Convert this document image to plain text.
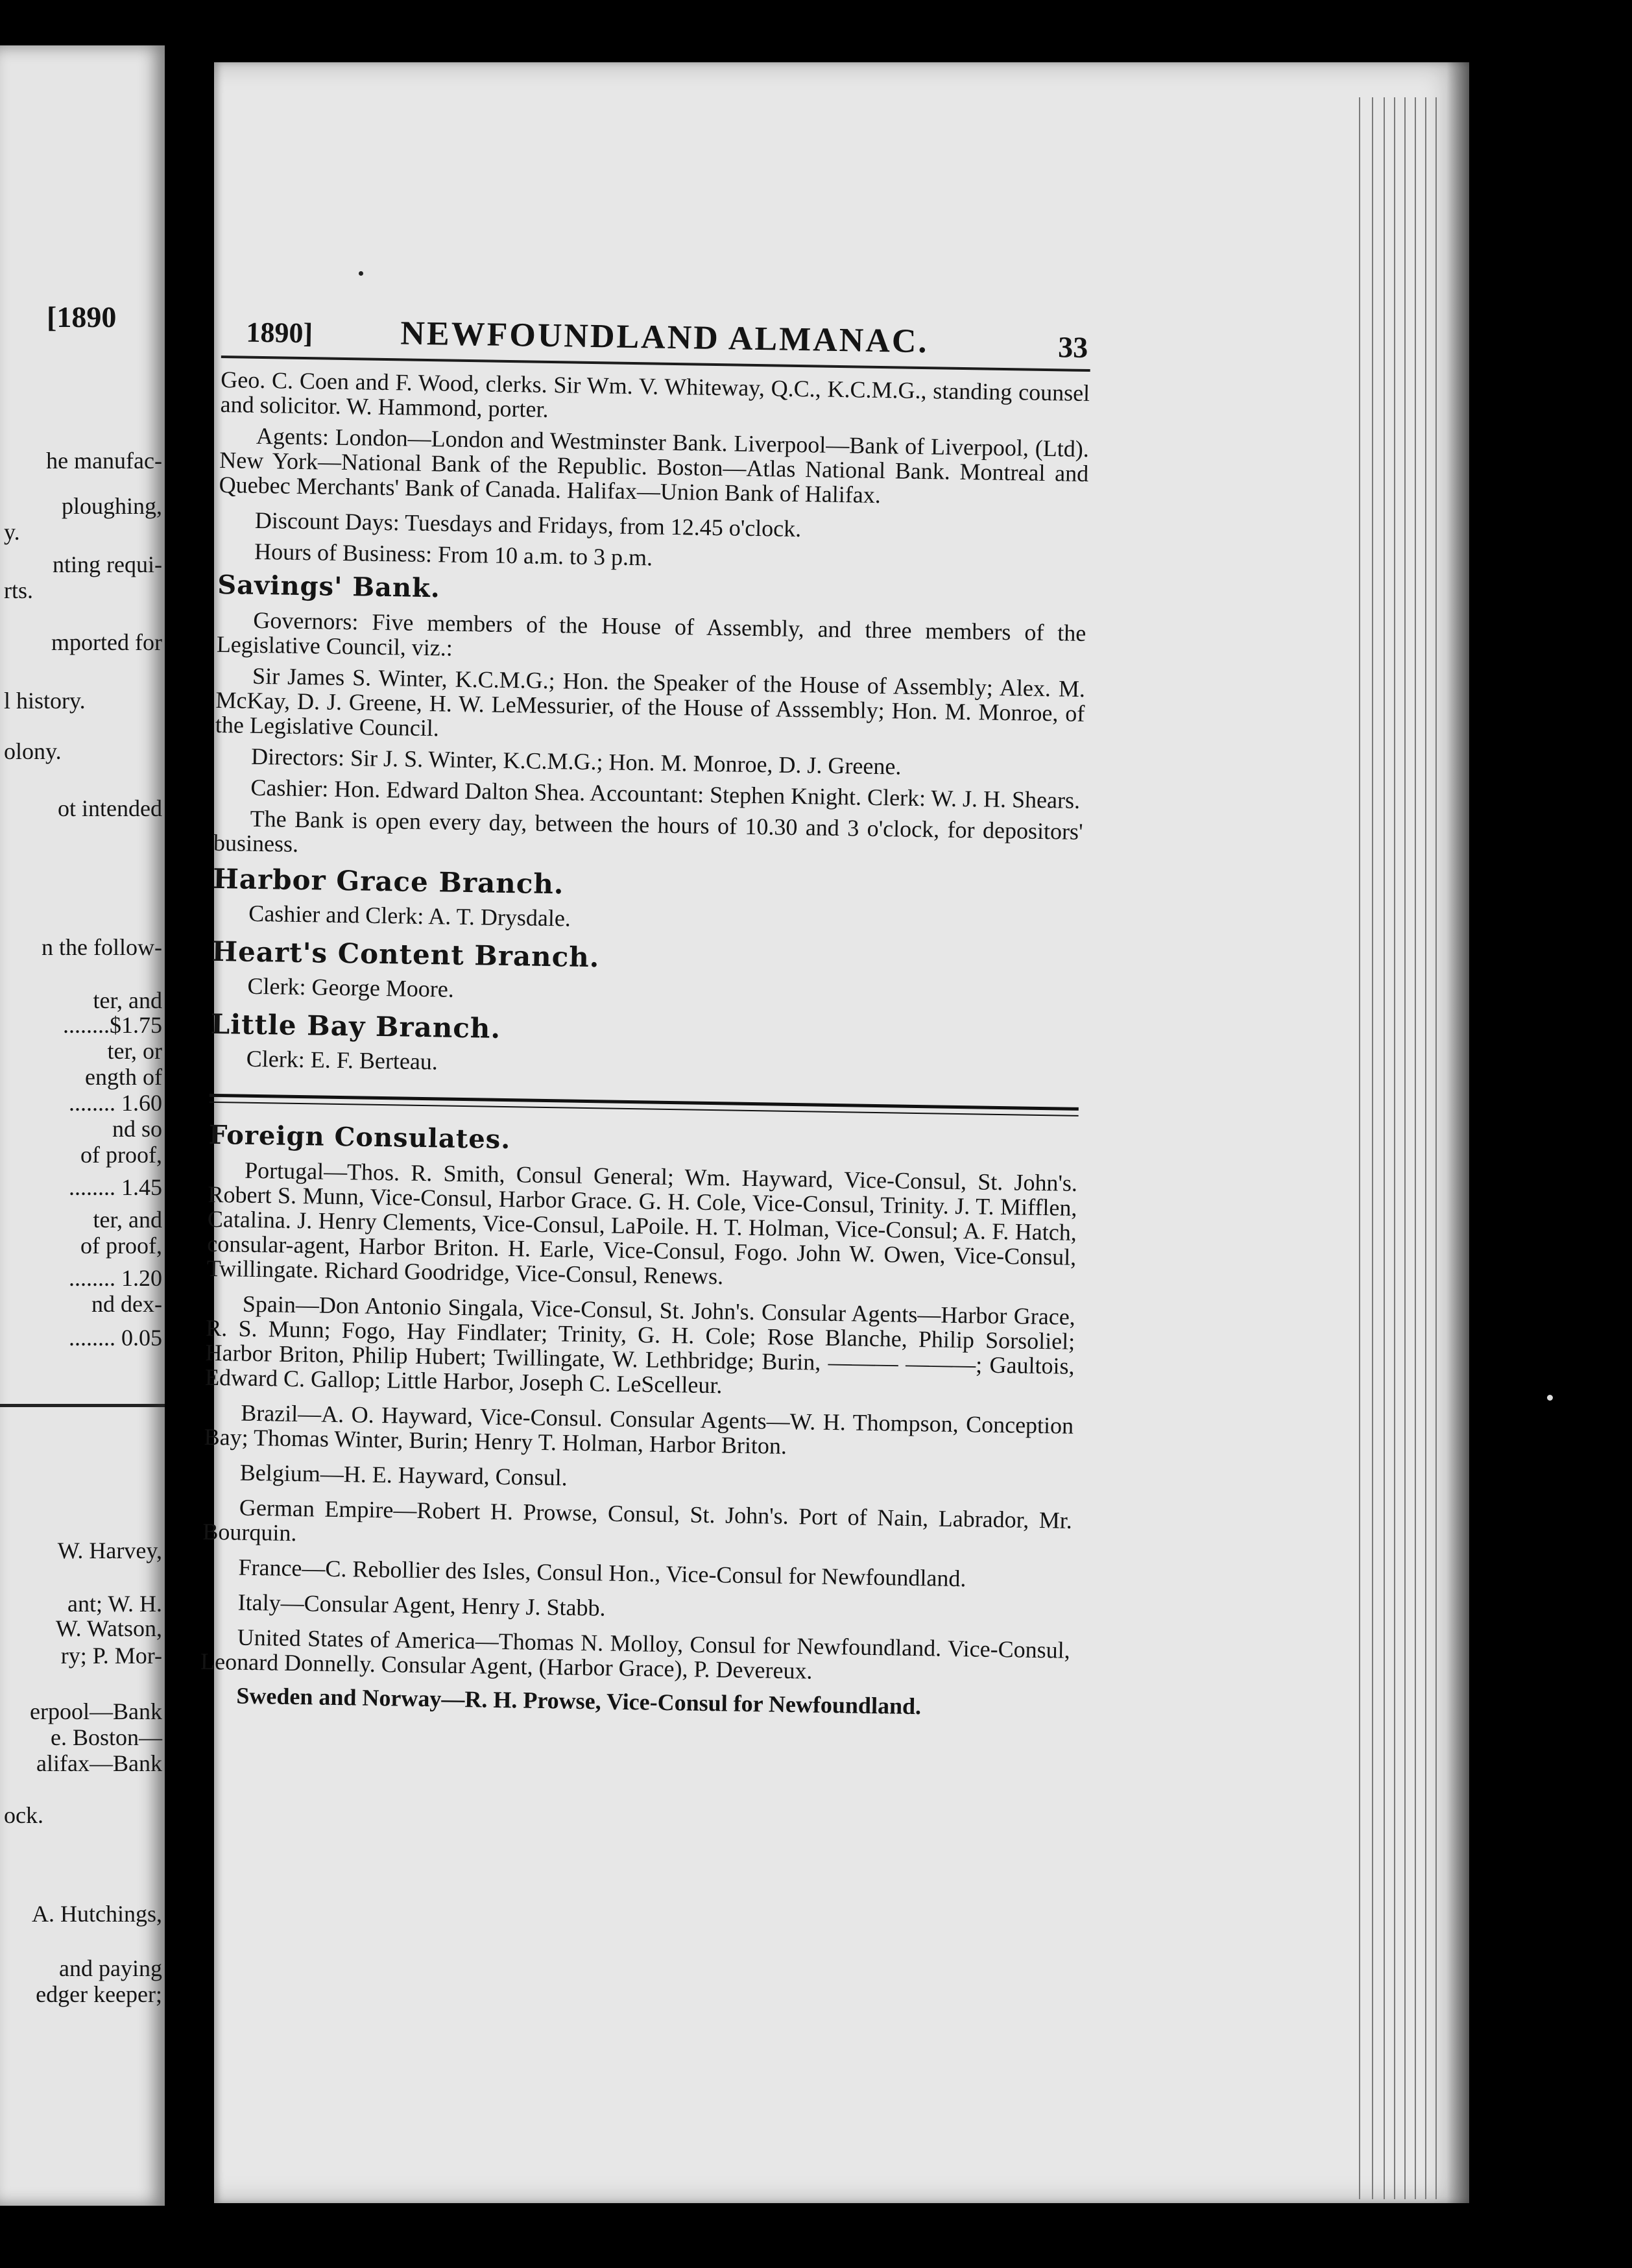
[1890
he manufac-
ploughing,
y.
nting requi-
rts.
mported for
l history.
olony.
ot intended
n the follow-
ter, and
........$1.75
ter, or
ength of
........ 1.60
nd so
of proof,
........ 1.45
ter, and
of proof,
........ 1.20
nd dex-
........ 0.05
W. Harvey,
ant; W. H.
W. Watson,
ry; P. Mor-
erpool—Bank
e. Boston—
alifax—Bank
ock.
A. Hutchings,
and paying
edger keeper;
1890]	NEWFOUNDLAND ALMANAC.	33

Geo. C. Coen and F. Wood, clerks. Sir Wm. V. Whiteway, Q.C., K.C.M.G., standing counsel and solicitor. W. Hammond, porter.

Agents: London—London and Westminster Bank. Liverpool—Bank of Liverpool, (Ltd). New York—National Bank of the Republic. Boston—Atlas National Bank. Montreal and Quebec Merchants' Bank of Canada. Halifax—Union Bank of Halifax.

Discount Days: Tuesdays and Fridays, from 12.45 o'clock.

Hours of Business: From 10 a.m. to 3 p.m.

Savings' Bank.

Governors: Five members of the House of Assembly, and three members of the Legislative Council, viz.:

Sir James S. Winter, K.C.M.G.; Hon. the Speaker of the House of Assembly; Alex. M. McKay, D. J. Greene, H. W. LeMessurier, of the House of Asssembly; Hon. M. Monroe, of the Legislative Council.

Directors: Sir J. S. Winter, K.C.M.G.; Hon. M. Monroe, D. J. Greene.

Cashier: Hon. Edward Dalton Shea. Accountant: Stephen Knight. Clerk: W. J. H. Shears.

The Bank is open every day, between the hours of 10.30 and 3 o'clock, for depositors' business.

Harbor Grace Branch.

Cashier and Clerk: A. T. Drysdale.

Heart's Content Branch.

Clerk: George Moore.

Little Bay Branch.

Clerk: E. F. Berteau.

Foreign Consulates.

Portugal—Thos. R. Smith, Consul General; Wm. Hayward, Vice-Consul, St. John's. Robert S. Munn, Vice-Consul, Harbor Grace. G. H. Cole, Vice-Consul, Trinity. J. T. Mifflen, Catalina. J. Henry Clements, Vice-Consul, LaPoile. H. T. Holman, Vice-Consul; A. F. Hatch, consular-agent, Harbor Briton. H. Earle, Vice-Consul, Fogo. John W. Owen, Vice-Consul, Twillingate. Richard Goodridge, Vice-Consul, Renews.

Spain—Don Antonio Singala, Vice-Consul, St. John's. Consular Agents—Harbor Grace, R. S. Munn; Fogo, Hay Findlater; Trinity, G. H. Cole; Rose Blanche, Philip Sorsoliel; Harbor Briton, Philip Hubert; Twillingate, W. Lethbridge; Burin, ——— ———; Gaultois, Edward C. Gallop; Little Harbor, Joseph C. LeScelleur.

Brazil—A. O. Hayward, Vice-Consul. Consular Agents—W. H. Thompson, Conception Bay; Thomas Winter, Burin; Henry T. Holman, Harbor Briton.

Belgium—H. E. Hayward, Consul.

German Empire—Robert H. Prowse, Consul, St. John's. Port of Nain, Labrador, Mr. Bourquin.

France—C. Rebollier des Isles, Consul Hon., Vice-Consul for Newfoundland.

Italy—Consular Agent, Henry J. Stabb.

United States of America—Thomas N. Molloy, Consul for Newfoundland. Vice-Consul, Leonard Donnelly. Consular Agent, (Harbor Grace), P. Devereux.

Sweden and Norway—R. H. Prowse, Vice-Consul for Newfoundland.
